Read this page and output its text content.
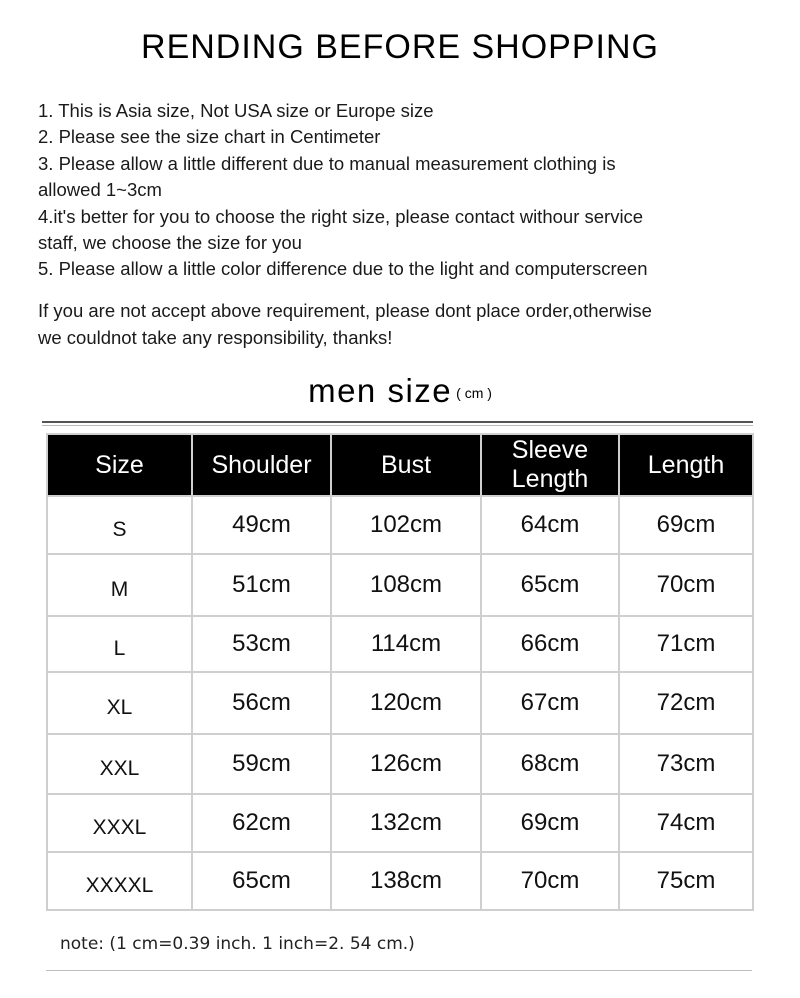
RENDING BEFORE SHOPPING
1. This is Asia size, Not USA size or Europe size
2. Please see the size chart in Centimeter
3. Please allow a little different due to manual measurement clothing is
allowed 1~3cm
4.it's better for you to choose the right size, please contact withour service
staff, we choose the size for you
5. Please allow a little color difference due to the light and computerscreen
If you are not accept above requirement, please dont place order,otherwise
we couldnot take any responsibility, thanks!
men size ( cm )
Size	Shoulder	Bust	Sleeve Length	Length
S	49cm	102cm	64cm	69cm
M	51cm	108cm	65cm	70cm
L	53cm	114cm	66cm	71cm
XL	56cm	120cm	67cm	72cm
XXL	59cm	126cm	68cm	73cm
XXXL	62cm	132cm	69cm	74cm
XXXXL	65cm	138cm	70cm	75cm
note: (1 cm=0.39 inch. 1 inch=2. 54 cm.)
